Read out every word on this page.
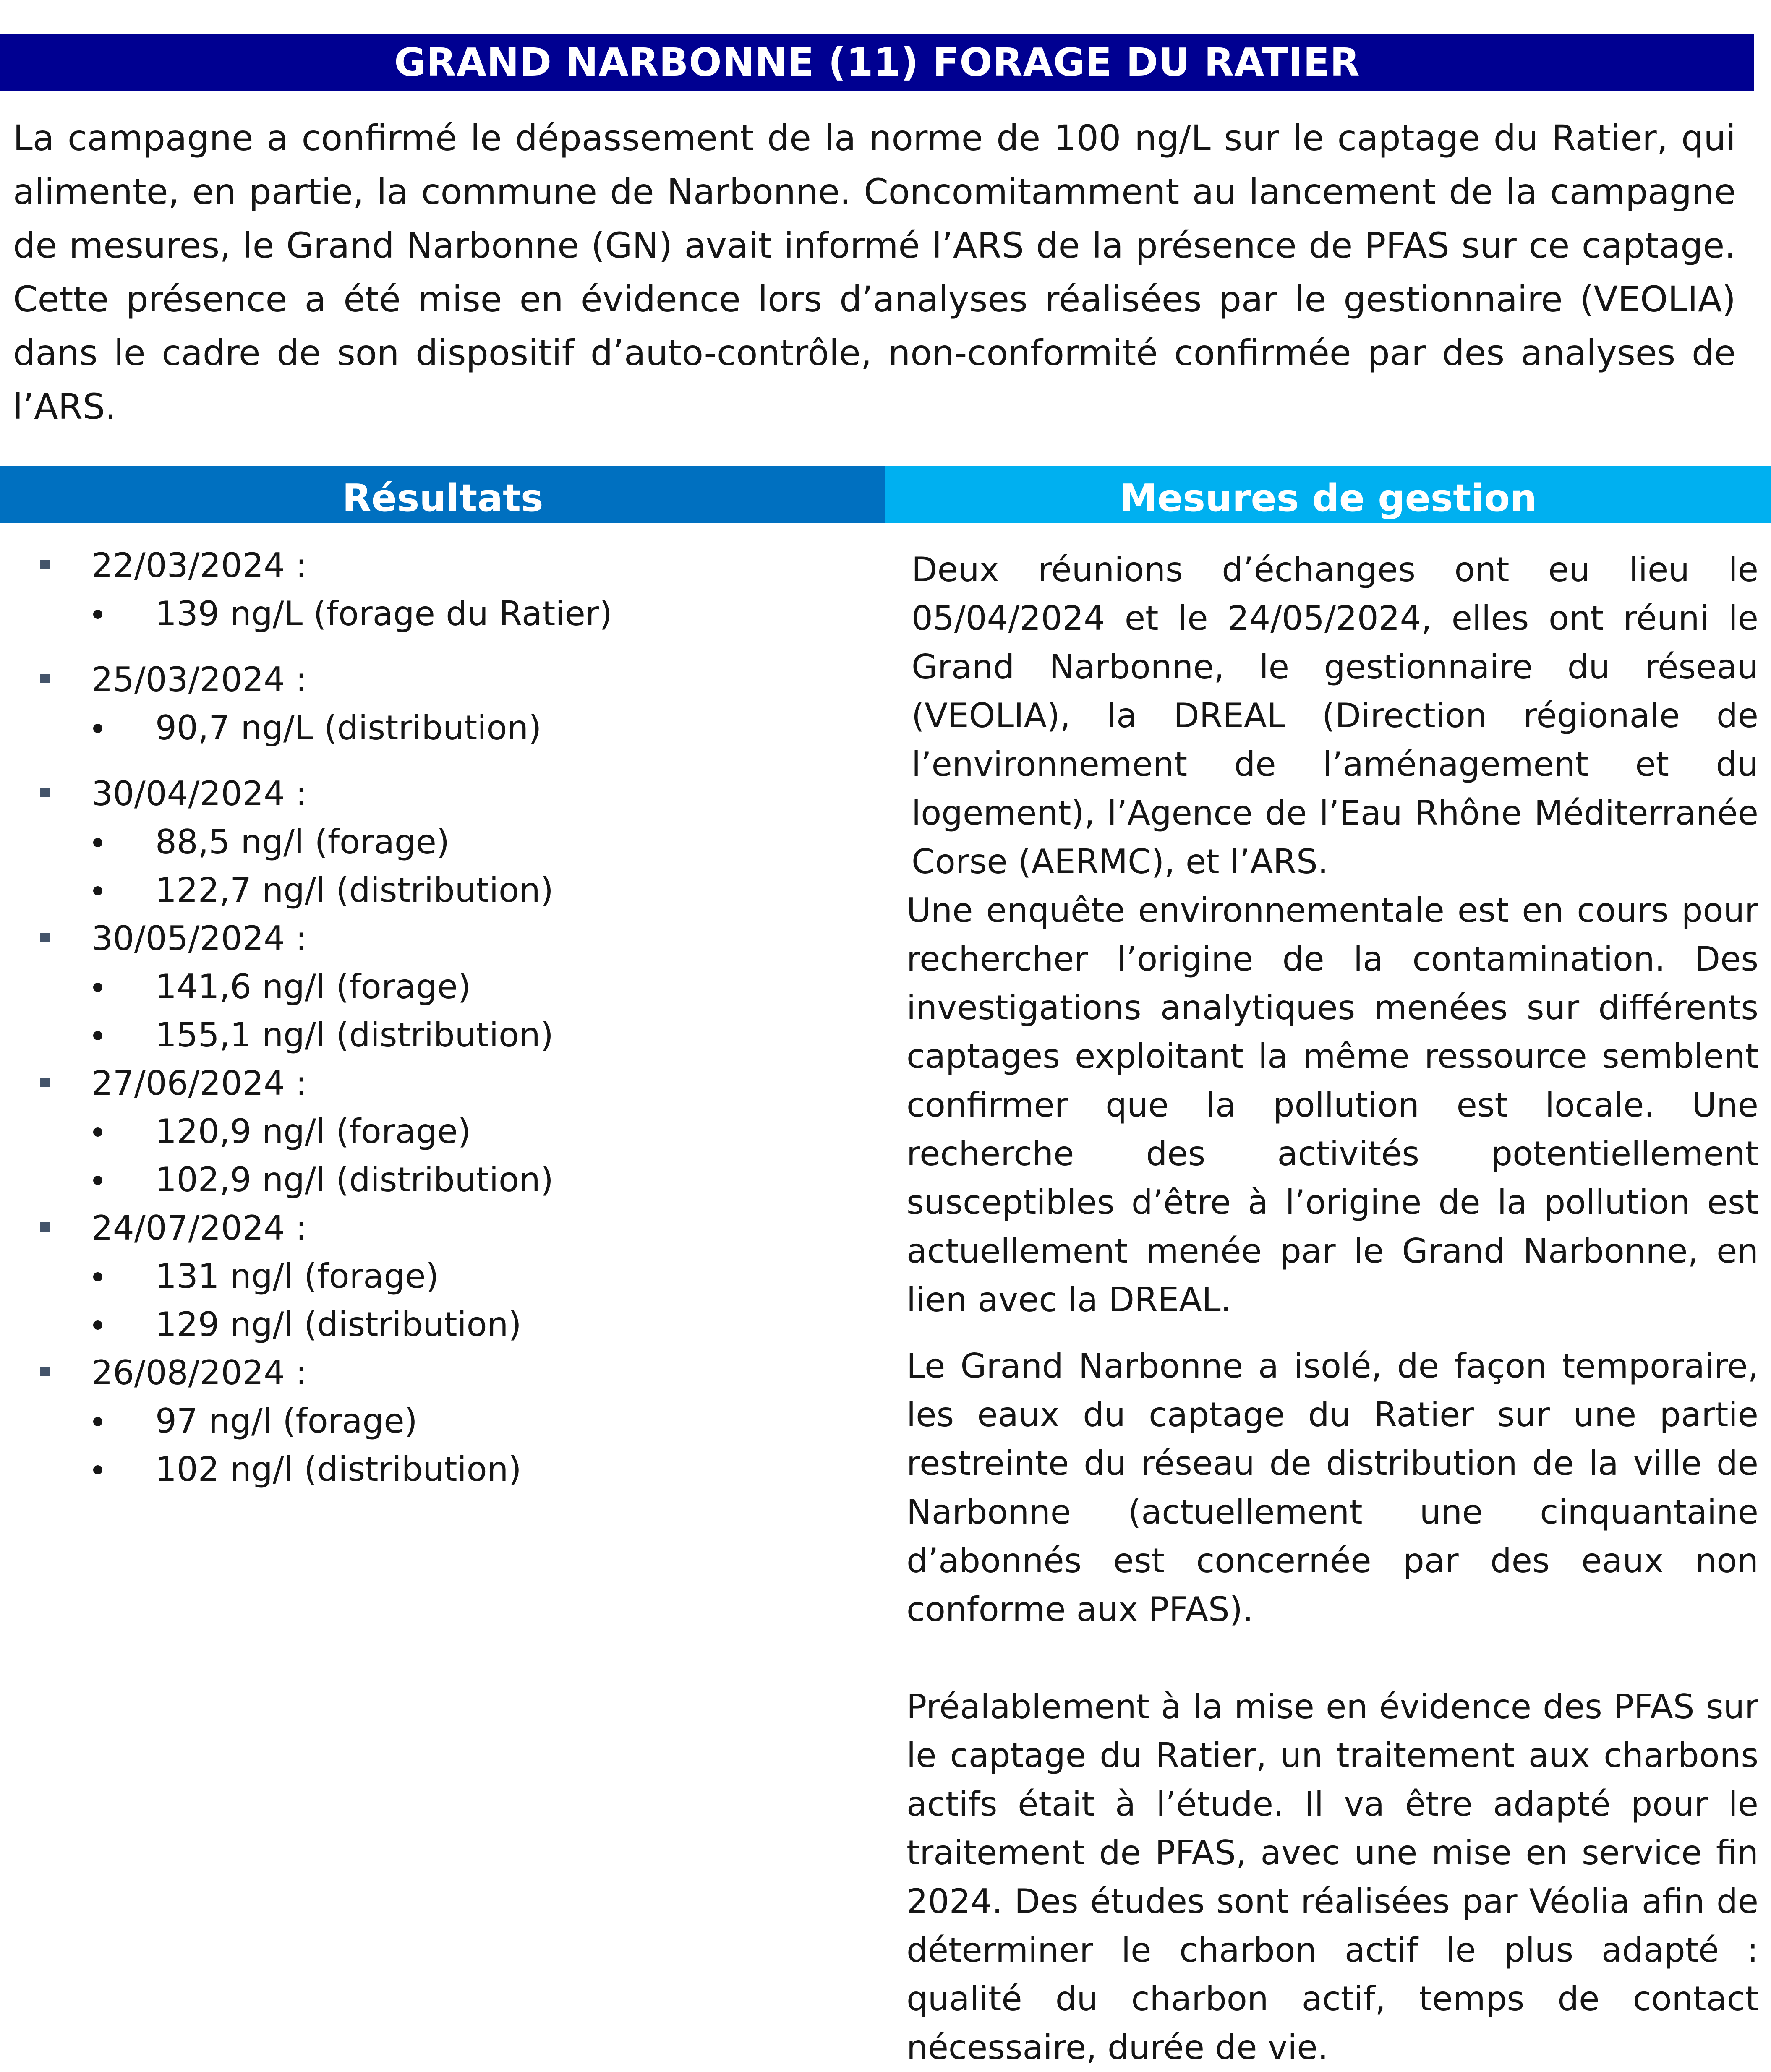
GRAND NARBONNE (11) FORAGE DU RATIER
La campagne a confirmé le dépassement de la norme de 100 ng/L sur le captage du Ratier, qui alimente, en partie, la commune de Narbonne. Concomitamment au lancement de la campagne de mesures, le Grand Narbonne (GN) avait informé l’ARS de la présence de PFAS sur ce captage. Cette présence a été mise en évidence lors d’analyses réalisées par le gestionnaire (VEOLIA) dans le cadre de son dispositif d’auto-contrôle, non-conformité confirmée par des analyses de l’ARS.
Résultats	Mesures de gestion
22/03/2024 :
139 ng/L (forage du Ratier)
25/03/2024 :
90,7 ng/L (distribution)
30/04/2024 :
88,5 ng/l (forage)
122,7 ng/l (distribution)
30/05/2024 :
141,6 ng/l (forage)
155,1 ng/l (distribution)
27/06/2024 :
120,9 ng/l (forage)
102,9 ng/l (distribution)
24/07/2024 :
131 ng/l (forage)
129 ng/l (distribution)
26/08/2024 :
97 ng/l (forage)
102 ng/l (distribution)

Deux réunions d’échanges ont eu lieu le 05/04/2024 et le 24/05/2024, elles ont réuni le Grand Narbonne, le gestionnaire du réseau (VEOLIA), la DREAL (Direction régionale de l’environnement de l’aménagement et du logement), l’Agence de l’Eau Rhône Méditerranée Corse (AERMC), et l’ARS.

Une enquête environnementale est en cours pour rechercher l’origine de la contamination. Des investigations analytiques menées sur différents captages exploitant la même ressource semblent confirmer que la pollution est locale. Une recherche des activités potentiellement susceptibles d’être à l’origine de la pollution est actuellement menée par le Grand Narbonne, en lien avec la DREAL.

Le Grand Narbonne a isolé, de façon temporaire, les eaux du captage du Ratier sur une partie restreinte du réseau de distribution de la ville de Narbonne (actuellement une cinquantaine d’abonnés est concernée par des eaux non conforme aux PFAS).

Préalablement à la mise en évidence des PFAS sur le captage du Ratier, un traitement aux charbons actifs était à l’étude. Il va être adapté pour le traitement de PFAS, avec une mise en service fin 2024. Des études sont réalisées par Véolia afin de déterminer le charbon actif le plus adapté : qualité du charbon actif, temps de contact nécessaire, durée de vie.
